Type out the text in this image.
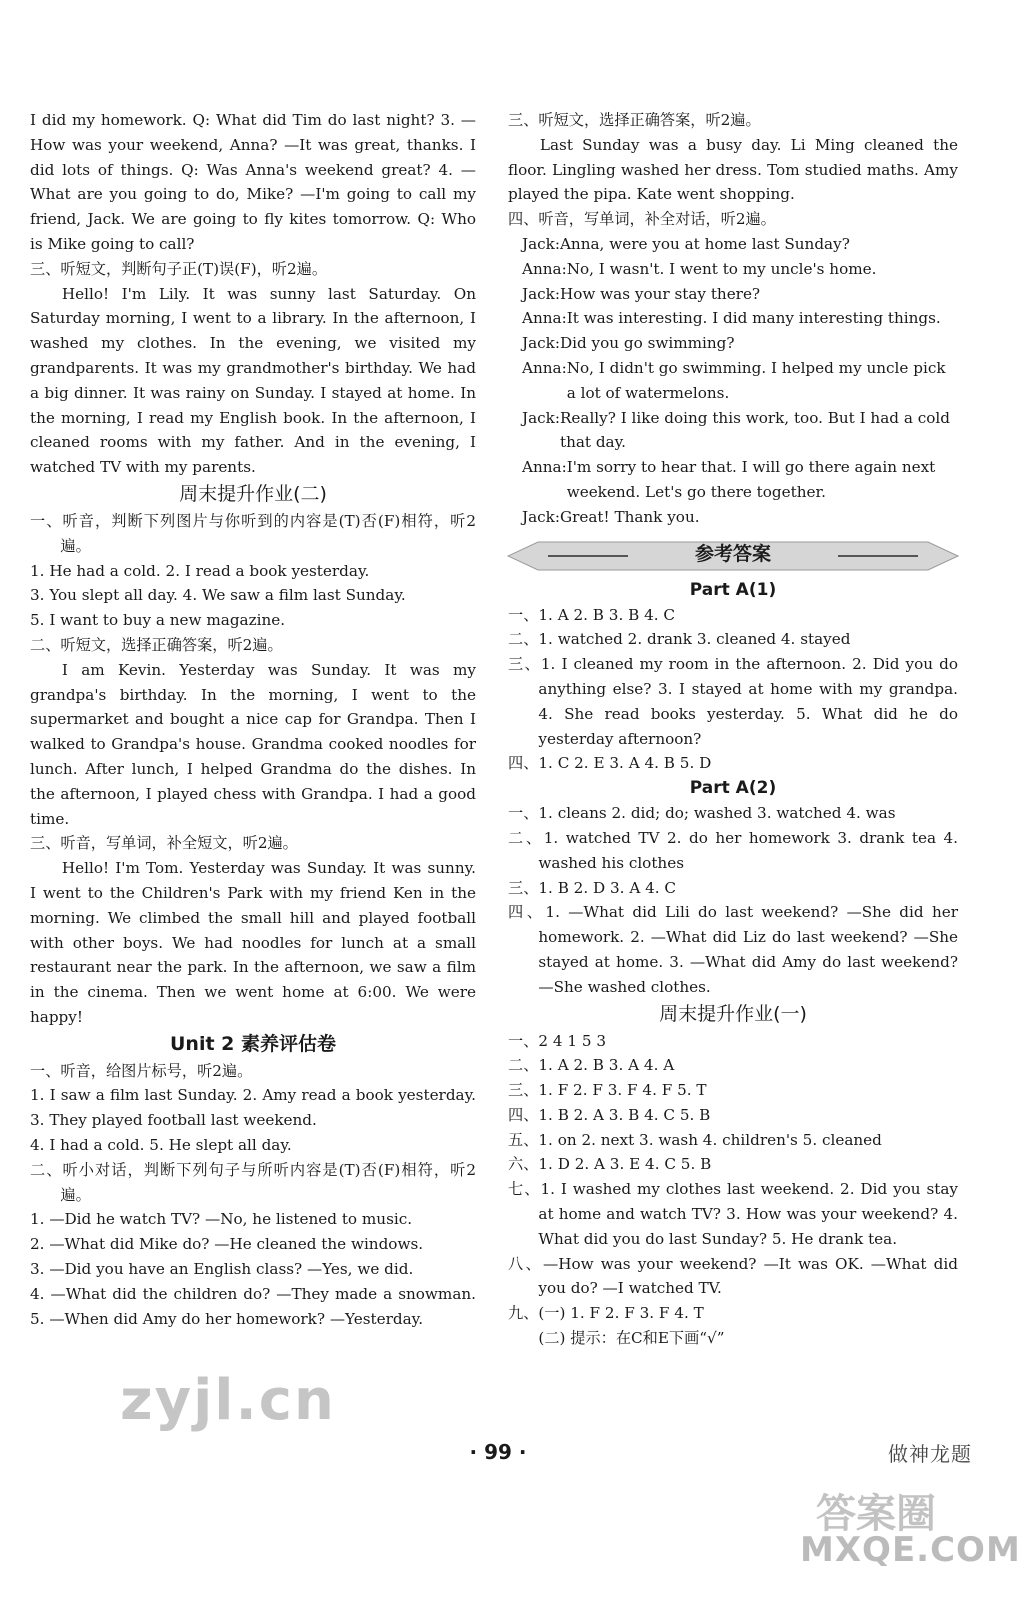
I did my homework. Q: What did Tim do last night? 3. —How was your weekend, Anna? —It was great, thanks. I did lots of things. Q: Was Anna's weekend great? 4. —What are you going to do, Mike? —I'm going to call my friend, Jack. We are going to fly kites tomorrow. Q: Who is Mike going to call?
三、听短文，判断句子正(T)误(F)，听2遍。
Hello! I'm Lily. It was sunny last Saturday. On Saturday morning, I went to a library. In the afternoon, I washed my clothes. In the evening, we visited my grandparents. It was my grandmother's birthday. We had a big dinner. It was rainy on Sunday. I stayed at home. In the morning, I read my English book. In the afternoon, I cleaned rooms with my father. And in the evening, I watched TV with my parents.
周末提升作业(二)
一、听音，判断下列图片与你听到的内容是(T)否(F)相符，听2遍。
1. He had a cold. 2. I read a book yesterday.
3. You slept all day. 4. We saw a film last Sunday.
5. I want to buy a new magazine.
二、听短文，选择正确答案，听2遍。
I am Kevin. Yesterday was Sunday. It was my grandpa's birthday. In the morning, I went to the supermarket and bought a nice cap for Grandpa. Then I walked to Grandpa's house. Grandma cooked noodles for lunch. After lunch, I helped Grandma do the dishes. In the afternoon, I played chess with Grandpa. I had a good time.
三、听音，写单词，补全短文，听2遍。
Hello! I'm Tom. Yesterday was Sunday. It was sunny. I went to the Children's Park with my friend Ken in the morning. We climbed the small hill and played football with other boys. We had noodles for lunch at a small restaurant near the park. In the afternoon, we saw a film in the cinema. Then we went home at 6:00. We were happy!
Unit 2 素养评估卷
一、听音，给图片标号，听2遍。
1. I saw a film last Sunday. 2. Amy read a book yesterday. 3. They played football last weekend.
4. I had a cold. 5. He slept all day.
二、听小对话，判断下列句子与所听内容是(T)否(F)相符，听2遍。
1. —Did he watch TV? —No, he listened to music.
2. —What did Mike do? —He cleaned the windows.
3. —Did you have an English class? —Yes, we did.
4. —What did the children do? —They made a snowman. 5. —When did Amy do her homework? —Yesterday.
三、听短文，选择正确答案，听2遍。
Last Sunday was a busy day. Li Ming cleaned the floor. Lingling washed her dress. Tom studied maths. Amy played the pipa. Kate went shopping.
四、听音，写单词，补全对话，听2遍。
Jack: Anna, were you at home last Sunday?
Anna: No, I wasn't. I went to my uncle's home.
Jack: How was your stay there?
Anna: It was interesting. I did many interesting things.
Jack: Did you go swimming?
Anna: No, I didn't go swimming. I helped my uncle pick a lot of watermelons.
Jack: Really? I like doing this work, too. But I had a cold that day.
Anna: I'm sorry to hear that. I will go there again next weekend. Let's go there together.
Jack: Great! Thank you.
参考答案
Part A(1)
一、1. A 2. B 3. B 4. C
二、1. watched 2. drank 3. cleaned 4. stayed
三、1. I cleaned my room in the afternoon. 2. Did you do anything else? 3. I stayed at home with my grandpa. 4. She read books yesterday. 5. What did he do yesterday afternoon?
四、1. C 2. E 3. A 4. B 5. D
Part A(2)
一、1. cleans 2. did; do; washed 3. watched 4. was
二、1. watched TV 2. do her homework 3. drank tea 4. washed his clothes
三、1. B 2. D 3. A 4. C
四、1. —What did Lili do last weekend? —She did her homework. 2. —What did Liz do last weekend? —She stayed at home. 3. —What did Amy do last weekend? —She washed clothes.
周末提升作业(一)
一、2 4 1 5 3
二、1. A 2. B 3. A 4. A
三、1. F 2. F 3. F 4. F 5. T
四、1. B 2. A 3. B 4. C 5. B
五、1. on 2. next 3. wash 4. children's 5. cleaned
六、1. D 2. A 3. E 4. C 5. B
七、1. I washed my clothes last weekend. 2. Did you stay at home and watch TV? 3. How was your weekend? 4. What did you do last Sunday? 5. He drank tea.
八、—How was your weekend? —It was OK. —What did you do? —I watched TV.
九、(一) 1. F 2. F 3. F 4. T
(二) 提示：在C和E下画“√”
· 99 ·	做神龙题
zyjl.cn
答案圈
MXQE.COM
